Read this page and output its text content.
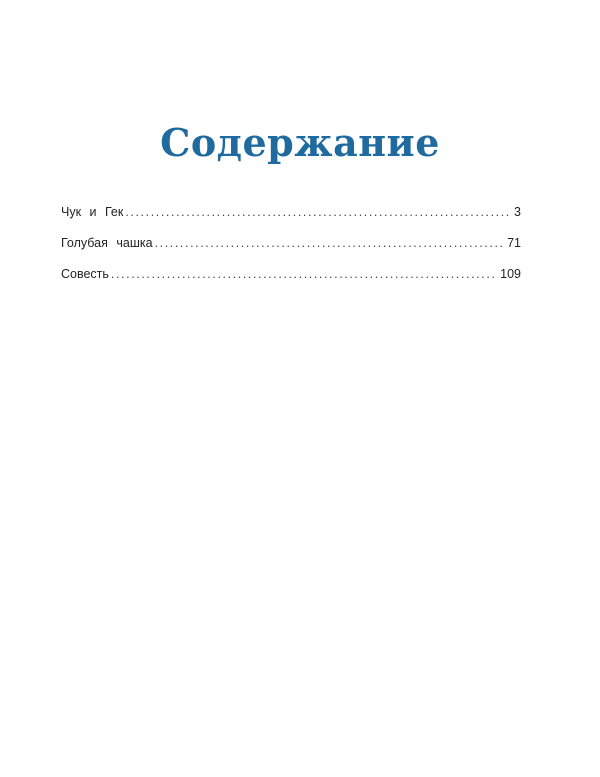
Содержание
Чук и Гек .....	3
Голубая чашка .....	71
Совесть .....	109
